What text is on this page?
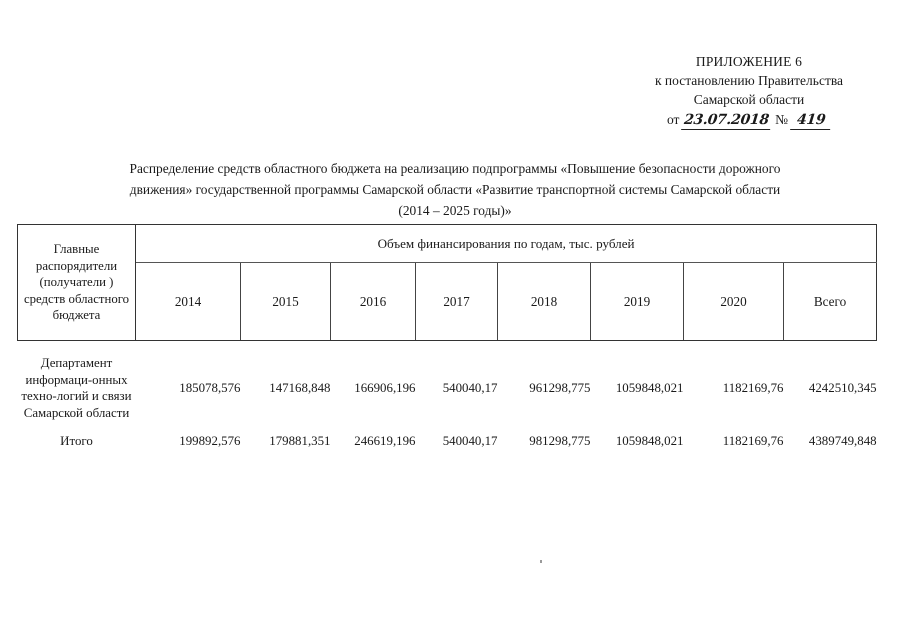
ПРИЛОЖЕНИЕ 6
к постановлению Правительства
Самарской области
от 23.07.2018 № 419
Распределение средств областного бюджета на реализацию подпрограммы «Повышение безопасности дорожного
движения» государственной программы Самарской области «Развитие транспортной системы Самарской области
(2014 – 2025 годы)»
Главные распорядители (получатели ) средств областного бюджета	Объем финансирования по годам, тыс. рублей							
	2014	2015	2016	2017	2018	2019	2020	Всего

Департамент информаци-онных техно-логий и связи Самарской области	185078,576	147168,848	166906,196	540040,17	961298,775	1059848,021	1182169,76	4242510,345
Итого	199892,576	179881,351	246619,196	540040,17	981298,775	1059848,021	1182169,76	4389749,848
